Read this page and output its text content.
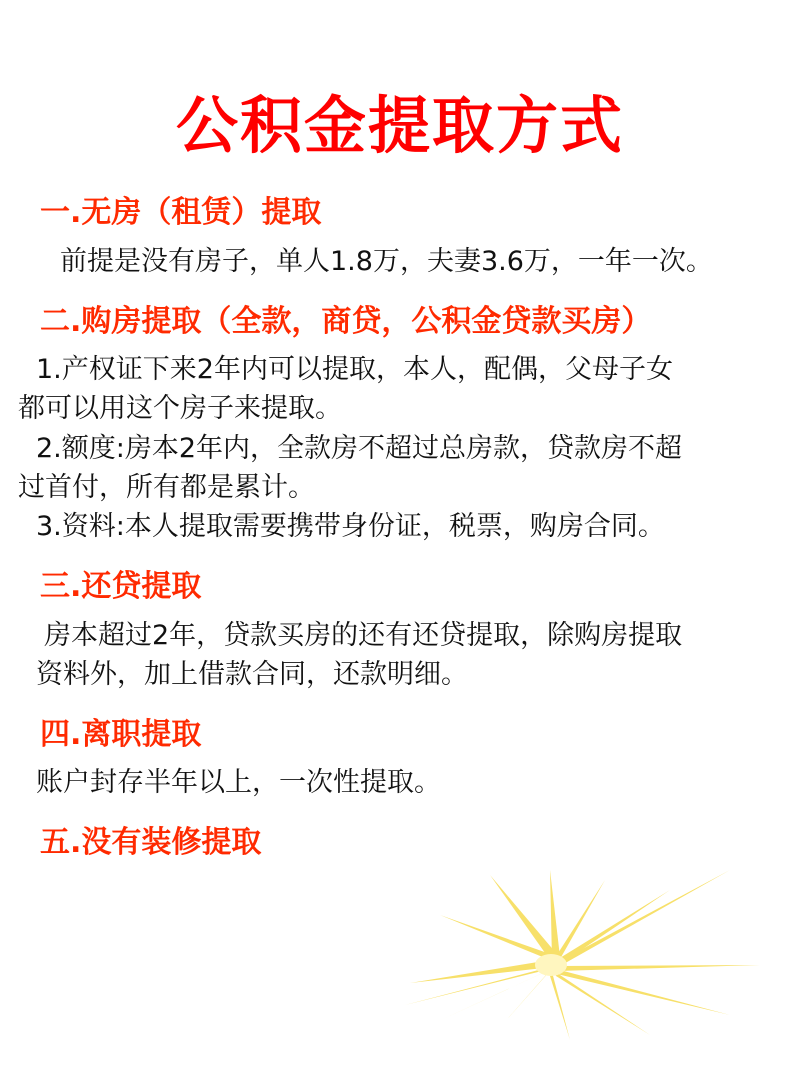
公积金提取方式
一.无房（租赁）提取
前提是没有房子，单人1.8万，夫妻3.6万，一年一次。
二.购房提取（全款，商贷，公积金贷款买房）
1.产权证下来2年内可以提取，本人，配偶，父母子女
都可以用这个房子来提取。
2.额度:房本2年内，全款房不超过总房款，贷款房不超
过首付，所有都是累计。
3.资料:本人提取需要携带身份证，税票，购房合同。
三.还贷提取
房本超过2年，贷款买房的还有还贷提取，除购房提取
资料外，加上借款合同，还款明细。
四.离职提取
账户封存半年以上，一次性提取。
五.没有装修提取
